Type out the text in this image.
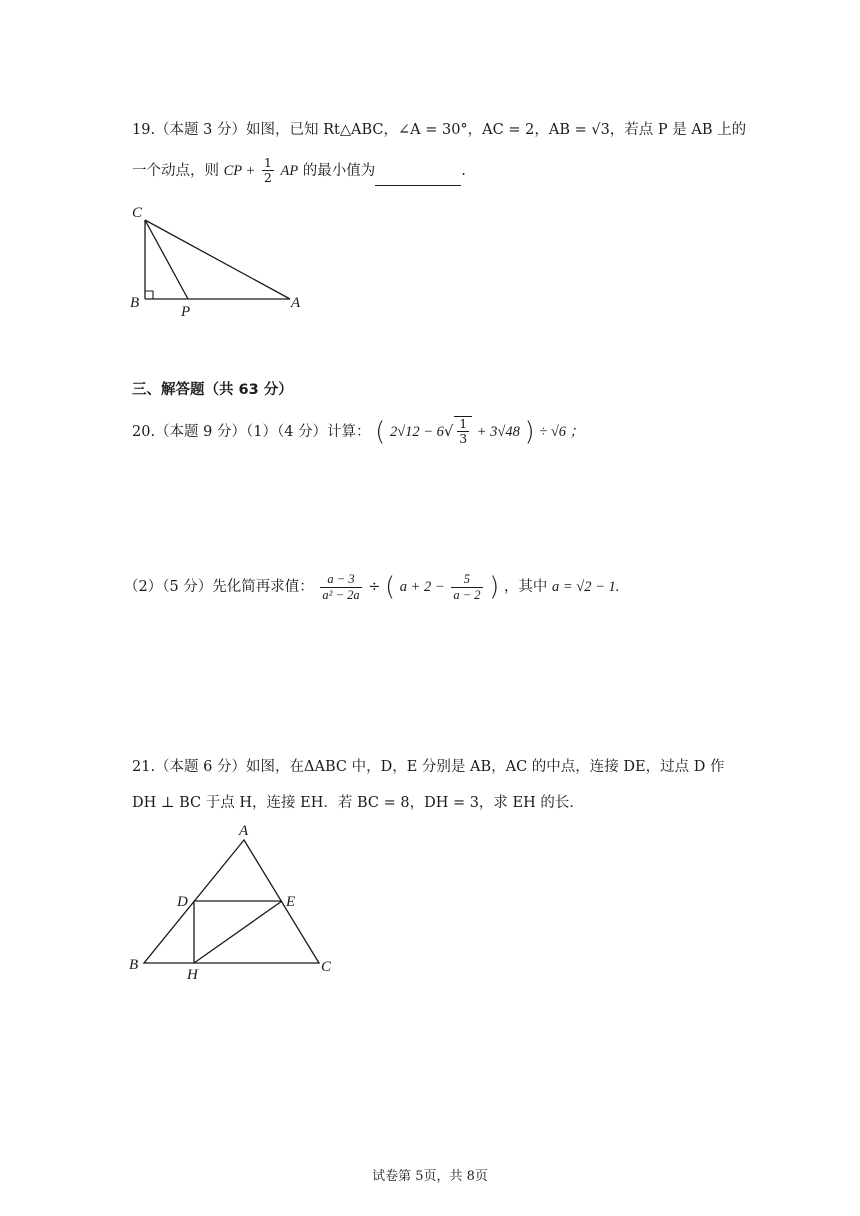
19.（本题 3 分）如图，已知 Rt△ABC，∠A = 30°，AC = 2，AB = √3，若点 P 是 AB 上的
一个动点，则 CP + $\frac{1}{2}$ AP 的最小值为	.
C
B
P
A
三、解答题（共 63 分）
20.（本题 9 分）（1）（4 分）计算： ( $2√12 - 6√ \frac{1}{3} + 3√48$ ) ÷ √6 ；
（2）（5 分）先化简再求值： $\frac{a - 3}{\text{a² − 2a}}$ ÷ ( $a + 2 - \frac{5}{a - 2}$ ) ，其中 a = √2 − 1.
21.（本题 6 分）如图，在ΔABC 中，D，E 分别是 AB，AC 的中点，连接 DE，过点 D 作
DH ⊥ BC 于点 H，连接 EH．若 BC = 8，DH = 3，求 EH 的长．
A
D	E
B
H	C
试卷第 5页，共 8页
